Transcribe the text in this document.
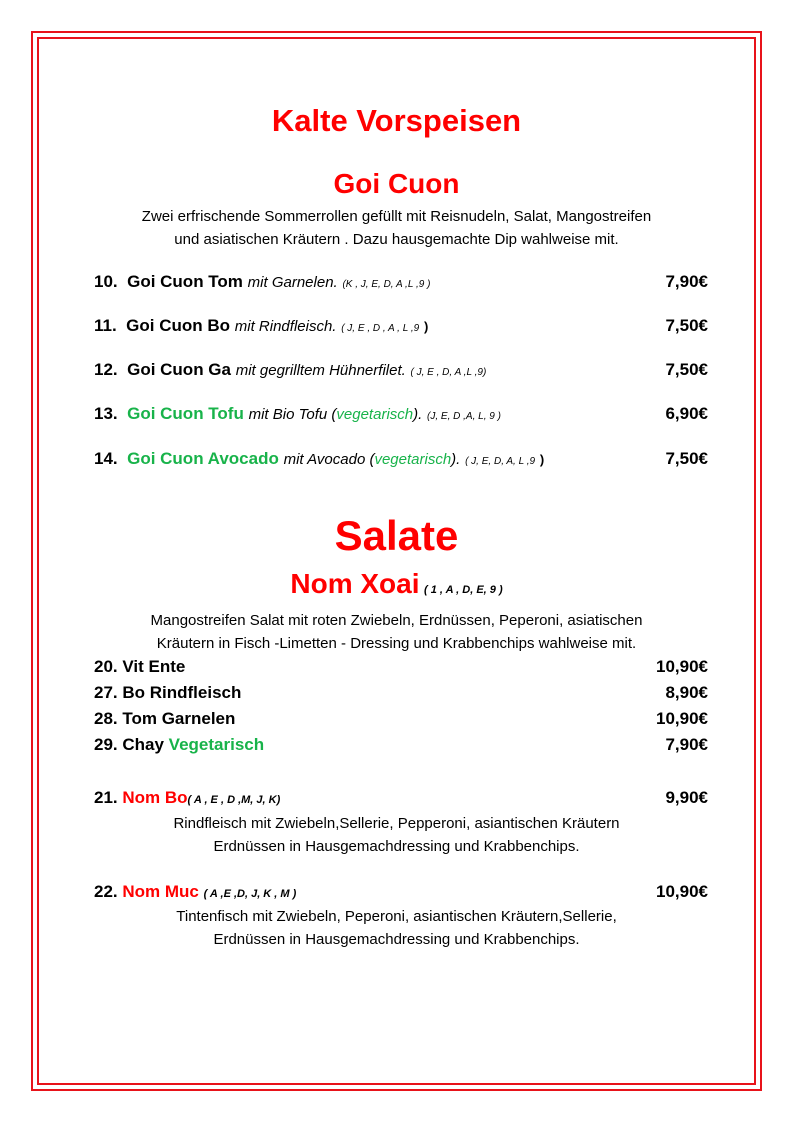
Kalte Vorspeisen
Goi Cuon
Zwei erfrischende Sommerrollen gefüllt mit Reisnudeln, Salat, Mangostreifen
und asiatischen Kräutern . Dazu hausgemachte Dip wahlweise mit.
10. Goi Cuon Tom mit Garnelen. (K , J, E, D, A ,L ,9 )	7,90€
11. Goi Cuon Bo mit Rindfleisch. ( J, E , D , A , L ,9 )	7,50€
12. Goi Cuon Ga mit gegrilltem Hühnerfilet. ( J, E , D, A ,L ,9)	7,50€
13. Goi Cuon Tofu mit Bio Tofu (vegetarisch). (J, E, D ,A, L, 9 )	6,90€
14. Goi Cuon Avocado mit Avocado (vegetarisch). ( J, E, D, A, L ,9 )	7,50€
Salate
Nom Xoai ( 1 , A , D, E, 9 )
Mangostreifen Salat mit roten Zwiebeln, Erdnüssen, Peperoni, asiatischen
Kräutern in Fisch -Limetten - Dressing und Krabbenchips wahlweise mit.
20. Vit Ente	10,90€
27. Bo Rindfleisch	8,90€
28. Tom Garnelen	10,90€
29. Chay Vegetarisch	7,90€
21. Nom Bo( A , E , D ,M, J, K)	9,90€
Rindfleisch mit Zwiebeln,Sellerie, Pepperoni, asiantischen Kräutern
Erdnüssen in Hausgemachdressing und Krabbenchips.
22. Nom Muc ( A ,E ,D, J, K , M )	10,90€
Tintenfisch mit Zwiebeln, Peperoni, asiantischen Kräutern,Sellerie,
Erdnüssen in Hausgemachdressing und Krabbenchips.
